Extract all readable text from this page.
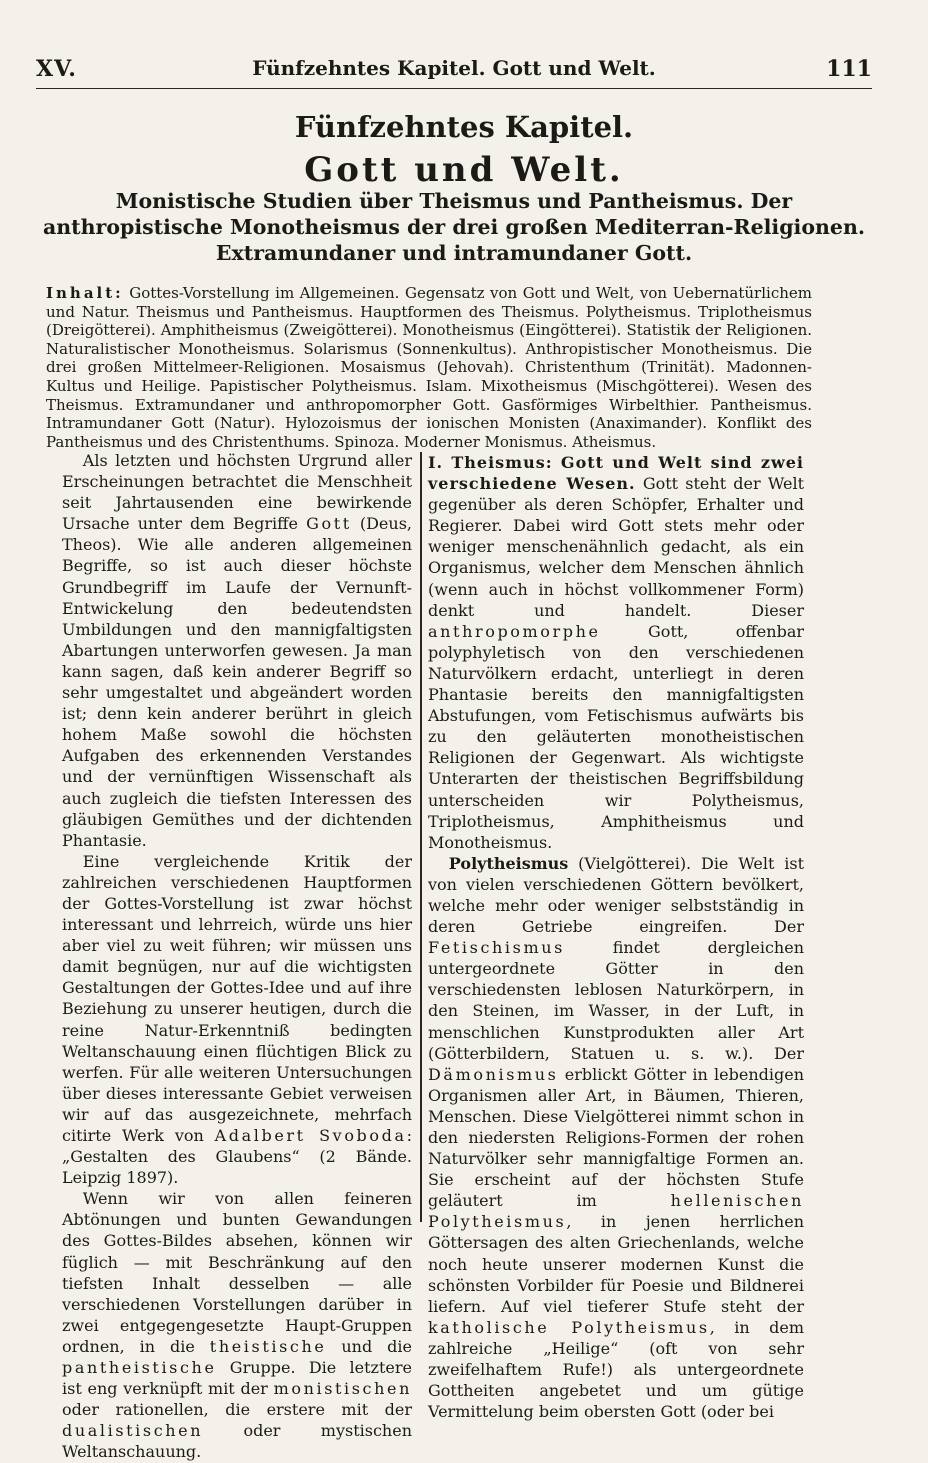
XV.	Fünfzehntes Kapitel. Gott und Welt.	111
Fünfzehntes Kapitel.
Gott und Welt.
Monistische Studien über Theismus und Pantheismus. Der anthropistische Monotheismus der drei großen Mediterran-Religionen. Extramundaner und intramundaner Gott.
Inhalt: Gottes-Vorstellung im Allgemeinen. Gegensatz von Gott und Welt, von Uebernatürlichem und Natur. Theismus und Pantheismus. Hauptformen des Theismus. Polytheismus. Triplotheismus (Dreigötterei). Amphitheismus (Zweigötterei). Monotheismus (Eingötterei). Statistik der Religionen. Naturalistischer Monotheismus. Solarismus (Sonnenkultus). Anthropistischer Monotheismus. Die drei großen Mittelmeer-Religionen. Mosaismus (Jehovah). Christenthum (Trinität). Madonnen-Kultus und Heilige. Papistischer Polytheismus. Islam. Mixotheismus (Mischgötterei). Wesen des Theismus. Extramundaner und anthropomorpher Gott. Gasförmiges Wirbelthier. Pantheismus. Intramundaner Gott (Natur). Hylozoismus der ionischen Monisten (Anaximander). Konflikt des Pantheismus und des Christenthums. Spinoza. Moderner Monismus. Atheismus.

Als letzten und höchsten Urgrund aller Erscheinungen betrachtet die Menschheit seit Jahrtausenden eine bewirkende Ursache unter dem Begriffe Gott (Deus, Theos). Wie alle anderen allgemeinen Begriffe, so ist auch dieser höchste Grundbegriff im Laufe der Vernunft-Entwickelung den bedeutendsten Umbildungen und den mannigfaltigsten Abartungen unterworfen gewesen. Ja man kann sagen, daß kein anderer Begriff so sehr umgestaltet und abgeändert worden ist; denn kein anderer berührt in gleich hohem Maße sowohl die höchsten Aufgaben des erkennenden Verstandes und der vernünftigen Wissenschaft als auch zugleich die tiefsten Interessen des gläubigen Gemüthes und der dichtenden Phantasie.

Eine vergleichende Kritik der zahlreichen verschiedenen Hauptformen der Gottes-Vorstellung ist zwar höchst interessant und lehrreich, würde uns hier aber viel zu weit führen; wir müssen uns damit begnügen, nur auf die wichtigsten Gestaltungen der Gottes-Idee und auf ihre Beziehung zu unserer heutigen, durch die reine Natur-Erkenntniß bedingten Weltanschauung einen flüchtigen Blick zu werfen. Für alle weiteren Untersuchungen über dieses interessante Gebiet verweisen wir auf das ausgezeichnete, mehrfach citirte Werk von Adalbert Svoboda: „Gestalten des Glaubens“ (2 Bände. Leipzig 1897).

Wenn wir von allen feineren Abtönungen und bunten Gewandungen des Gottes-Bildes absehen, können wir füglich — mit Beschränkung auf den tiefsten Inhalt desselben — alle verschiedenen Vorstellungen darüber in zwei entgegengesetzte Haupt-Gruppen ordnen, in die theistische und die pantheistische Gruppe. Die letztere ist eng verknüpft mit der monistischen oder rationellen, die erstere mit der dualistischen oder mystischen Weltanschauung.

I. Theismus: Gott und Welt sind zwei verschiedene Wesen. Gott steht der Welt gegenüber als deren Schöpfer, Erhalter und Regierer. Dabei wird Gott stets mehr oder weniger menschenähnlich gedacht, als ein Organismus, welcher dem Menschen ähnlich (wenn auch in höchst vollkommener Form) denkt und handelt. Dieser anthropomorphe Gott, offenbar polyphyletisch von den verschiedenen Naturvölkern erdacht, unterliegt in deren Phantasie bereits den mannigfaltigsten Abstufungen, vom Fetischismus aufwärts bis zu den geläuterten monotheistischen Religionen der Gegenwart. Als wichtigste Unterarten der theistischen Begriffsbildung unterscheiden wir Polytheismus, Triplotheismus, Amphitheismus und Monotheismus.

Polytheismus (Vielgötterei). Die Welt ist von vielen verschiedenen Göttern bevölkert, welche mehr oder weniger selbstständig in deren Getriebe eingreifen. Der Fetischismus findet dergleichen untergeordnete Götter in den verschiedensten leblosen Naturkörpern, in den Steinen, im Wasser, in der Luft, in menschlichen Kunstprodukten aller Art (Götterbildern, Statuen u. s. w.). Der Dämonismus erblickt Götter in lebendigen Organismen aller Art, in Bäumen, Thieren, Menschen. Diese Vielgötterei nimmt schon in den niedersten Religions-Formen der rohen Naturvölker sehr mannigfaltige Formen an. Sie erscheint auf der höchsten Stufe geläutert im hellenischen Polytheismus, in jenen herrlichen Göttersagen des alten Griechenlands, welche noch heute unserer modernen Kunst die schönsten Vorbilder für Poesie und Bildnerei liefern. Auf viel tieferer Stufe steht der katholische Polytheismus, in dem zahlreiche „Heilige“ (oft von sehr zweifelhaftem Rufe!) als untergeordnete Gottheiten angebetet und um gütige Vermittelung beim obersten Gott (oder bei
